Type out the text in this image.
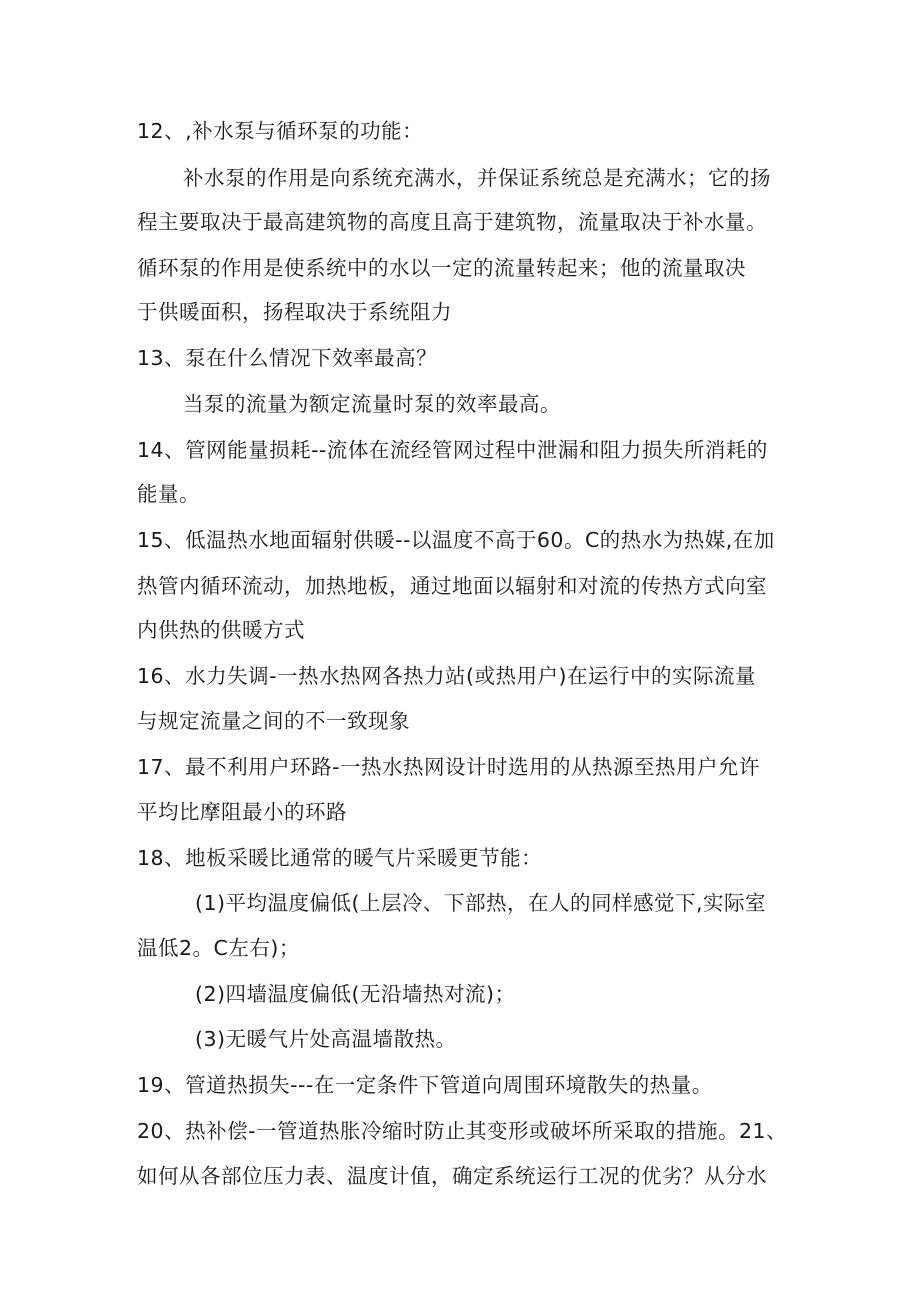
12、,补水泵与循环泵的功能：
补水泵的作用是向系统充满水，并保证系统总是充满水；它的扬
程主要取决于最高建筑物的高度且高于建筑物，流量取决于补水量。
循环泵的作用是使系统中的水以一定的流量转起来；他的流量取决
于供暖面积，扬程取决于系统阻力
13、泵在什么情况下效率最高？
当泵的流量为额定流量时泵的效率最高。
14、管网能量损耗--流体在流经管网过程中泄漏和阻力损失所消耗的
能量。
15、低温热水地面辐射供暖--以温度不高于60。C的热水为热媒,在加
热管内循环流动，加热地板，通过地面以辐射和对流的传热方式向室
内供热的供暖方式
16、水力失调-一热水热网各热力站(或热用户)在运行中的实际流量
与规定流量之间的不一致现象
17、最不利用户环路-一热水热网设计时选用的从热源至热用户允许
平均比摩阻最小的环路
18、地板采暖比通常的暖气片采暖更节能：
(1)平均温度偏低(上层冷、下部热，在人的同样感觉下,实际室
温低2。C左右)；
(2)四墙温度偏低(无沿墙热对流)；
(3)无暖气片处高温墙散热。
19、管道热损失---在一定条件下管道向周围环境散失的热量。
20、热补偿-一管道热胀冷缩时防止其变形或破坏所采取的措施。21、
如何从各部位压力表、温度计值，确定系统运行工况的优劣？从分水
